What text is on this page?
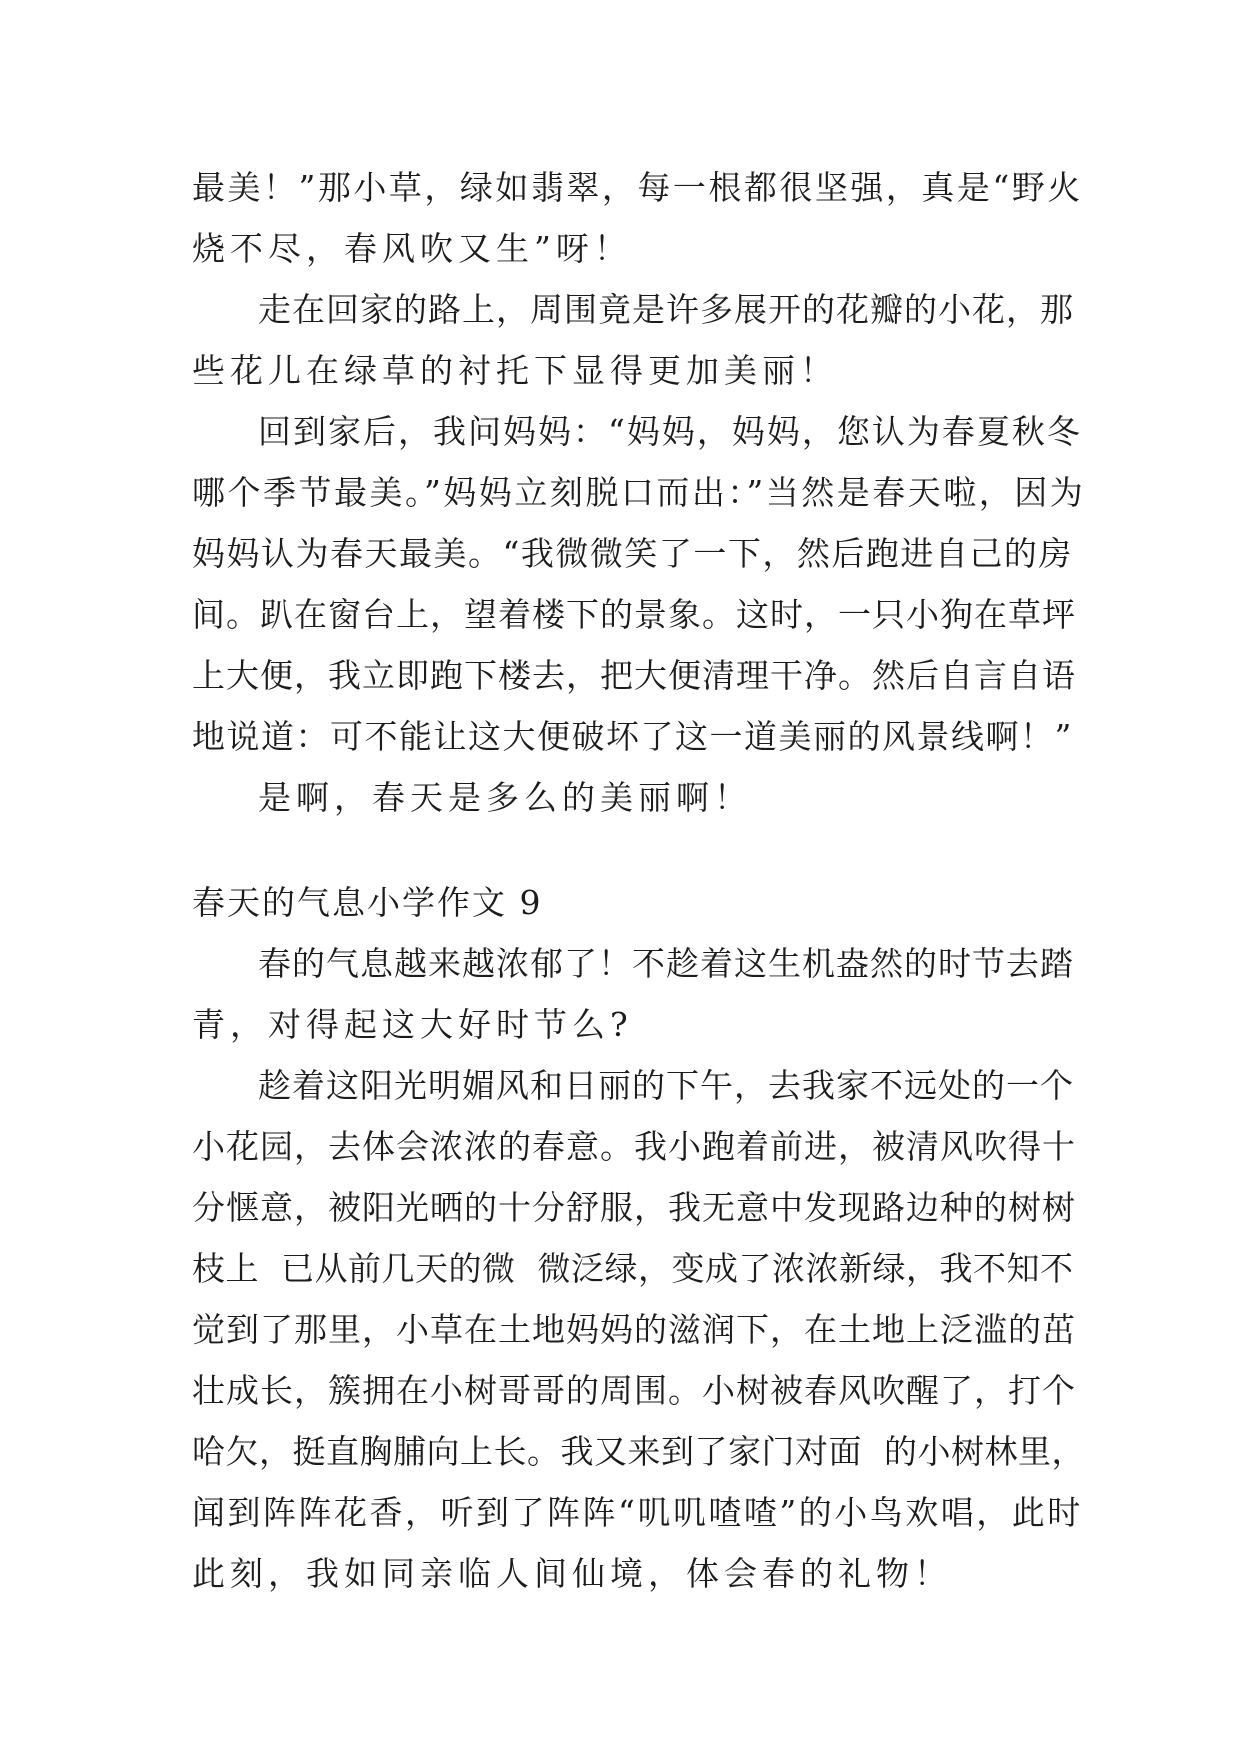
最美！”那小草，绿如翡翠，每一根都很坚强，真是“野火
烧不尽，春风吹又生”呀！
走在回家的路上，周围竟是许多展开的花瓣的小花，那
些花儿在绿草的衬托下显得更加美丽！
回到家后，我问妈妈：“妈妈，妈妈，您认为春夏秋冬
哪个季节最美。”妈妈立刻脱口而出：”当然是春天啦，因为
妈妈认为春天最美。“我微微笑了一下，然后跑进自己的房
间。趴在窗台上，望着楼下的景象。这时，一只小狗在草坪
上大便，我立即跑下楼去，把大便清理干净。然后自言自语
地说道：可不能让这大便破坏了这一道美丽的风景线啊！”
是啊，春天是多么的美丽啊！
春天的气息小学作文 9
春的气息越来越浓郁了！不趁着这生机盎然的时节去踏
青，对得起这大好时节么?
趁着这阳光明媚风和日丽的下午，去我家不远处的一个
小花园，去体会浓浓的春意。我小跑着前进，被清风吹得十
分惬意，被阳光晒的十分舒服，我无意中发现路边种的树树
枝上  已从前几天的微  微泛绿，变成了浓浓新绿，我不知不
觉到了那里，小草在土地妈妈的滋润下，在土地上泛滥的茁
壮成长，簇拥在小树哥哥的周围。小树被春风吹醒了，打个
哈欠，挺直胸脯向上长。我又来到了家门对面  的小树林里，
闻到阵阵花香，听到了阵阵“叽叽喳喳”的小鸟欢唱，此时
此刻，我如同亲临人间仙境，体会春的礼物！
